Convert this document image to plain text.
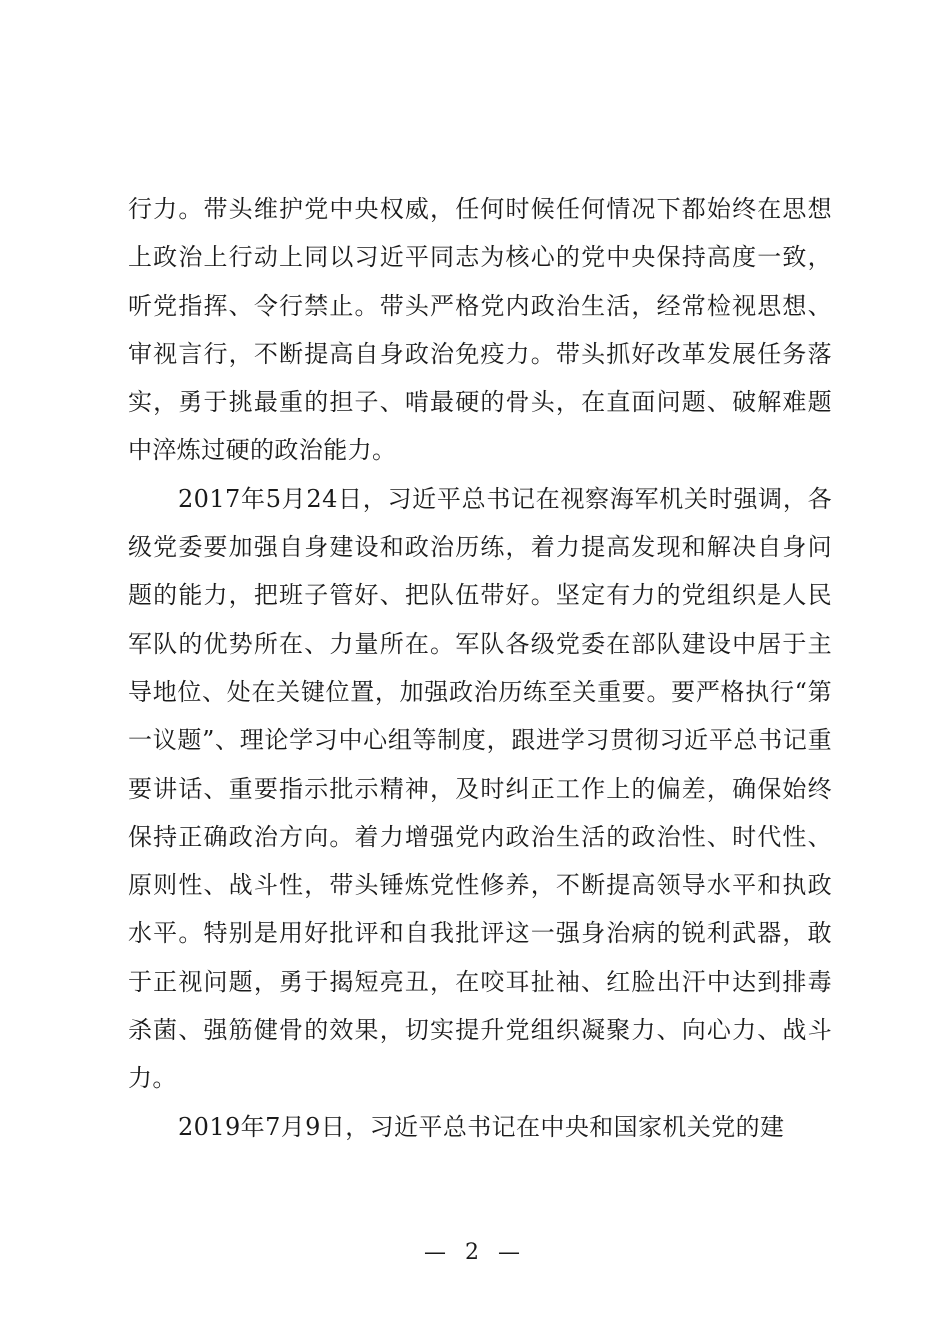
行力。带头维护党中央权威，任何时候任何情况下都始终在思想上政治上行动上同以习近平同志为核心的党中央保持高度一致，听党指挥、令行禁止。带头严格党内政治生活，经常检视思想、审视言行，不断提高自身政治免疫力。带头抓好改革发展任务落实，勇于挑最重的担子、啃最硬的骨头，在直面问题、破解难题中淬炼过硬的政治能力。

2017年5月24日，习近平总书记在视察海军机关时强调，各级党委要加强自身建设和政治历练，着力提高发现和解决自身问题的能力，把班子管好、把队伍带好。坚定有力的党组织是人民军队的优势所在、力量所在。军队各级党委在部队建设中居于主导地位、处在关键位置，加强政治历练至关重要。要严格执行“第一议题”、理论学习中心组等制度，跟进学习贯彻习近平总书记重要讲话、重要指示批示精神，及时纠正工作上的偏差，确保始终保持正确政治方向。着力增强党内政治生活的政治性、时代性、原则性、战斗性，带头锤炼党性修养，不断提高领导水平和执政水平。特别是用好批评和自我批评这一强身治病的锐利武器，敢于正视问题，勇于揭短亮丑，在咬耳扯袖、红脸出汗中达到排毒杀菌、强筋健骨的效果，切实提升党组织凝聚力、向心力、战斗力。

2019年7月9日，习近平总书记在中央和国家机关党的建

— 2 —
